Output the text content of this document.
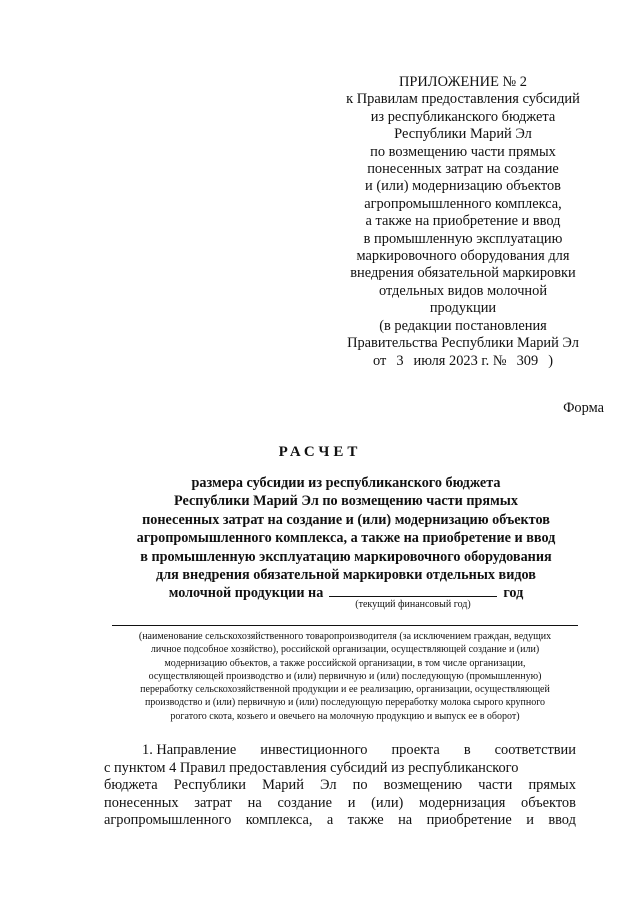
ПРИЛОЖЕНИЕ № 2
к Правилам предоставления субсидий
из республиканского бюджета
Республики Марий Эл
по возмещению части прямых
понесенных затрат на создание
и (или) модернизацию объектов
агропромышленного комплекса,
а также на приобретение и ввод
в промышленную эксплуатацию
маркировочного оборудования для
внедрения обязательной маркировки
отдельных видов молочной
продукции
(в редакции постановления
Правительства Республики Марий Эл
от 3 июля 2023 г. № 309 )
Форма
РАСЧЕТ
размера субсидии из республиканского бюджета
Республики Марий Эл по возмещению части прямых
понесенных затрат на создание и (или) модернизацию объектов
агропромышленного комплекса, а также на приобретение и ввод
в промышленную эксплуатацию маркировочного оборудования
для внедрения обязательной маркировки отдельных видов
молочной продукции на	год
(текущий финансовый год)
(наименование сельскохозяйственного товаропроизводителя (за исключением граждан, ведущих
личное подсобное хозяйство), российской организации, осуществляющей создание и (или)
модернизацию объектов, а также российской организации, в том числе организации,
осуществляющей производство и (или) первичную и (или) последующую (промышленную)
переработку сельскохозяйственной продукции и ее реализацию, организации, осуществляющей
производство и (или) первичную и (или) последующую переработку молока сырого крупного
рогатого скота, козьего и овечьего на молочную продукцию и выпуск ее в оборот)
1. Направление инвестиционного проекта в соответствии
с пунктом 4 Правил предоставления субсидий из республиканского
бюджета Республики Марий Эл по возмещению части прямых
понесенных затрат на создание и (или) модернизация объектов
агропромышленного комплекса, а также на приобретение и ввод
